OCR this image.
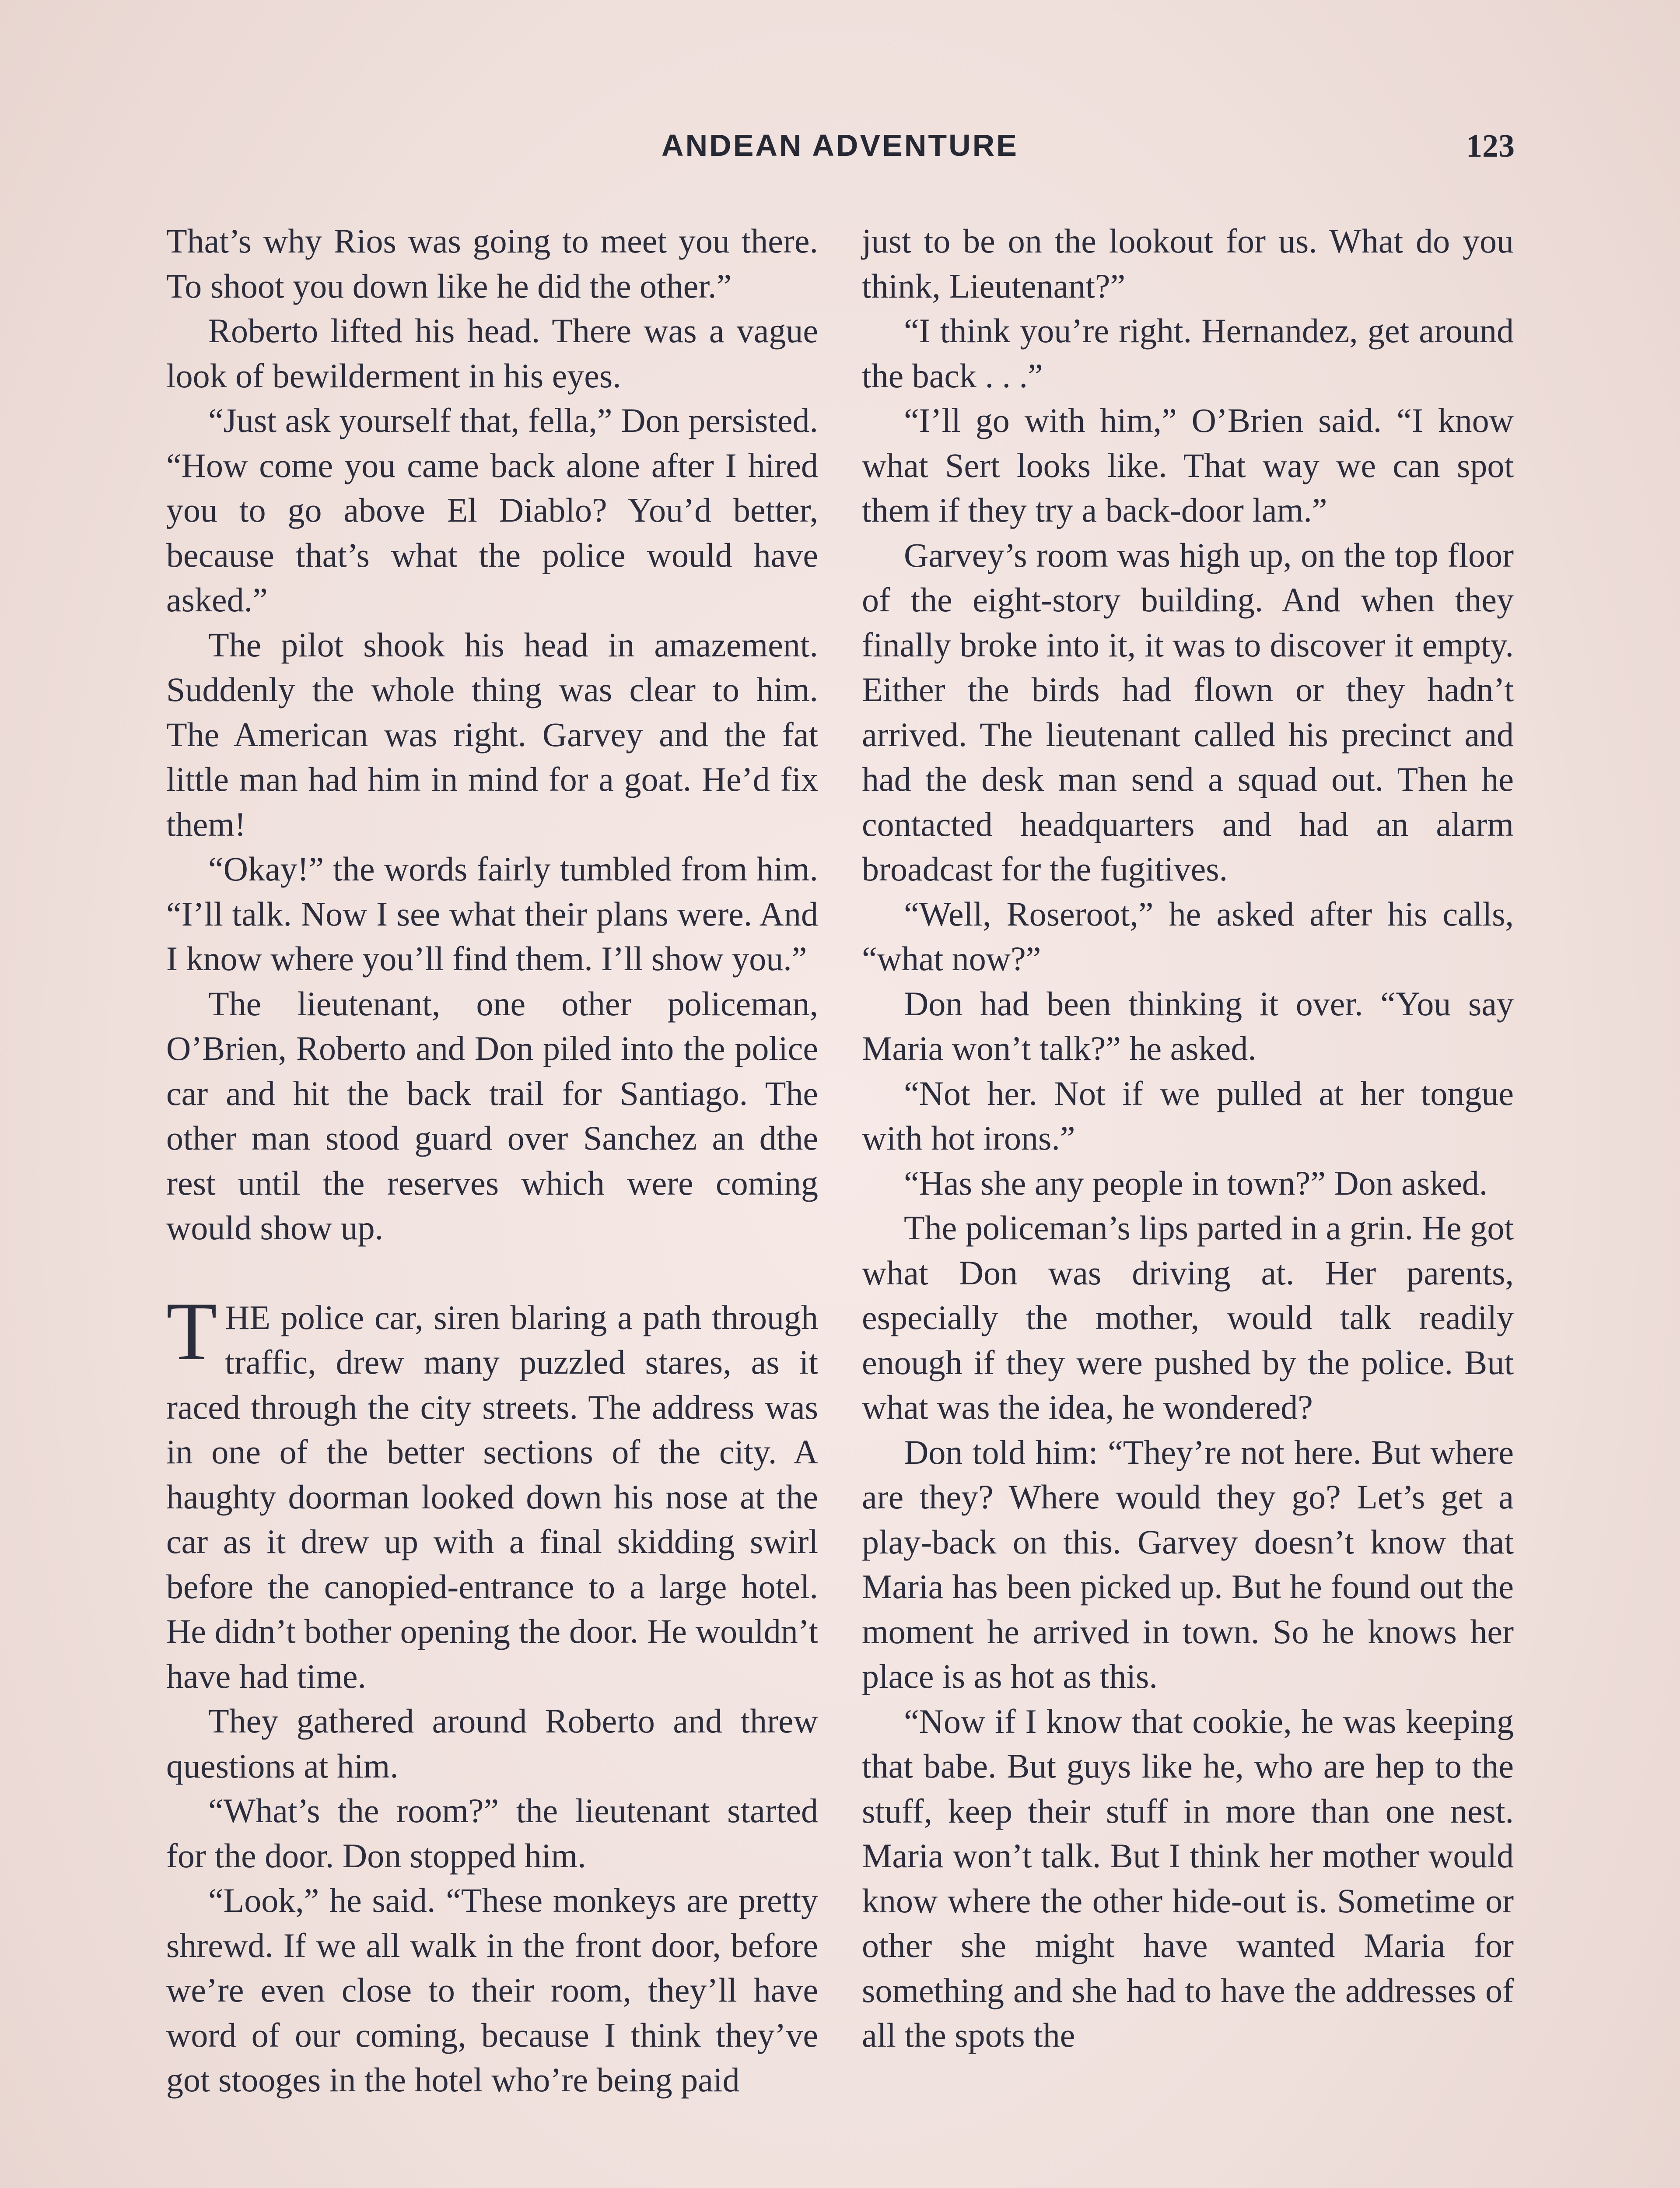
ANDEAN ADVENTURE	123

That’s why Rios was going to meet you there. To shoot you down like he did the other.”

Roberto lifted his head. There was a vague look of bewilderment in his eyes.

“Just ask yourself that, fella,” Don persisted. “How come you came back alone after I hired you to go above El Diablo? You’d better, because that’s what the police would have asked.”

The pilot shook his head in amazement. Suddenly the whole thing was clear to him. The American was right. Garvey and the fat little man had him in mind for a goat. He’d fix them!

“Okay!” the words fairly tumbled from him. “I’ll talk. Now I see what their plans were. And I know where you’ll find them. I’ll show you.”

The lieutenant, one other policeman, O’Brien, Roberto and Don piled into the police car and hit the back trail for Santiago. The other man stood guard over Sanchez an dthe rest until the reserves which were coming would show up.

THE police car, siren blaring a path through traffic, drew many puzzled stares, as it raced through the city streets. The address was in one of the better sections of the city. A haughty doorman looked down his nose at the car as it drew up with a final skidding swirl before the canopied-entrance to a large hotel. He didn’t bother opening the door. He wouldn’t have had time.

They gathered around Roberto and threw questions at him.

“What’s the room?” the lieutenant started for the door. Don stopped him.

“Look,” he said. “These monkeys are pretty shrewd. If we all walk in the front door, before we’re even close to their room, they’ll have word of our coming, because I think they’ve got stooges in the hotel who’re being paid

just to be on the lookout for us. What do you think, Lieutenant?”

“I think you’re right. Hernandez, get around the back . . .”

“I’ll go with him,” O’Brien said. “I know what Sert looks like. That way we can spot them if they try a back-door lam.”

Garvey’s room was high up, on the top floor of the eight-story building. And when they finally broke into it, it was to discover it empty. Either the birds had flown or they hadn’t arrived. The lieutenant called his precinct and had the desk man send a squad out. Then he contacted headquarters and had an alarm broadcast for the fugitives.

“Well, Roseroot,” he asked after his calls, “what now?”

Don had been thinking it over. “You say Maria won’t talk?” he asked.

“Not her. Not if we pulled at her tongue with hot irons.”

“Has she any people in town?” Don asked.

The policeman’s lips parted in a grin. He got what Don was driving at. Her parents, especially the mother, would talk readily enough if they were pushed by the police. But what was the idea, he wondered?

Don told him: “They’re not here. But where are they? Where would they go? Let’s get a play-back on this. Garvey doesn’t know that Maria has been picked up. But he found out the moment he arrived in town. So he knows her place is as hot as this.

“Now if I know that cookie, he was keeping that babe. But guys like he, who are hep to the stuff, keep their stuff in more than one nest. Maria won’t talk. But I think her mother would know where the other hide-out is. Sometime or other she might have wanted Maria for something and she had to have the addresses of all the spots the
